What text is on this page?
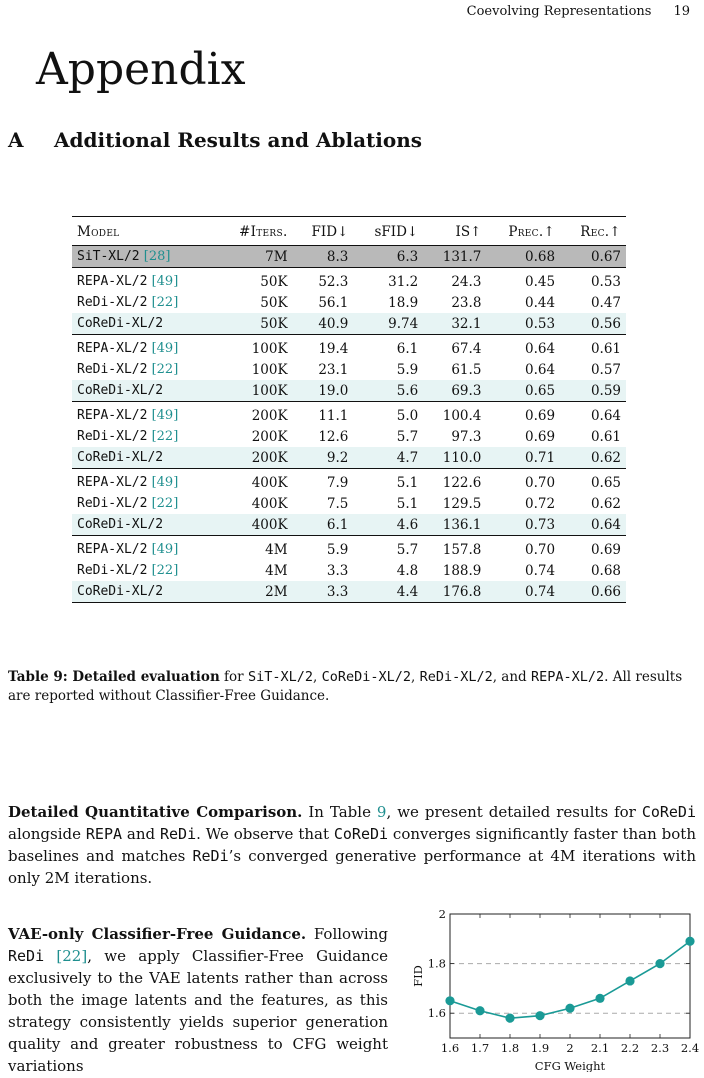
Coevolving Representations 19
Appendix
A Additional Results and Ablations
Model	#Iters.	FID↓	sFID↓	IS↑	Prec.↑	Rec.↑
SiT-XL/2 [28]	7M	8.3	6.3	131.7	0.68	0.67
REPA-XL/2 [49]	50K	52.3	31.2	24.3	0.45	0.53
ReDi-XL/2 [22]	50K	56.1	18.9	23.8	0.44	0.47
CoReDi-XL/2	50K	40.9	9.74	32.1	0.53	0.56
REPA-XL/2 [49]	100K	19.4	6.1	67.4	0.64	0.61
ReDi-XL/2 [22]	100K	23.1	5.9	61.5	0.64	0.57
CoReDi-XL/2	100K	19.0	5.6	69.3	0.65	0.59
REPA-XL/2 [49]	200K	11.1	5.0	100.4	0.69	0.64
ReDi-XL/2 [22]	200K	12.6	5.7	97.3	0.69	0.61
CoReDi-XL/2	200K	9.2	4.7	110.0	0.71	0.62
REPA-XL/2 [49]	400K	7.9	5.1	122.6	0.70	0.65
ReDi-XL/2 [22]	400K	7.5	5.1	129.5	0.72	0.62
CoReDi-XL/2	400K	6.1	4.6	136.1	0.73	0.64
REPA-XL/2 [49]	4M	5.9	5.7	157.8	0.70	0.69
ReDi-XL/2 [22]	4M	3.3	4.8	188.9	0.74	0.68
CoReDi-XL/2	2M	3.3	4.4	176.8	0.74	0.66
Table 9: Detailed evaluation for SiT-XL/2, CoReDi-XL/2, ReDi-XL/2, and REPA-XL/2. All results are reported without Classifier-Free Guidance.

Detailed Quantitative Comparison. In Table 9, we present detailed results for CoReDi alongside REPA and ReDi. We observe that CoReDi converges significantly faster than both baselines and matches ReDi’s converged generative performance at 4M iterations with only 2M iterations.

VAE-only Classifier-Free Guidance. Following ReDi [22], we apply Classifier-Free Guidance exclusively to the VAE latents rather than across both the image latents and the features, as this strategy consistently yields superior generation quality and greater robustness to CFG weight variations

1.6 1.7 1.8 1.9 2 2.1 2.2 2.3 2.4
1.6
1.8
2
CFG Weight
FID
